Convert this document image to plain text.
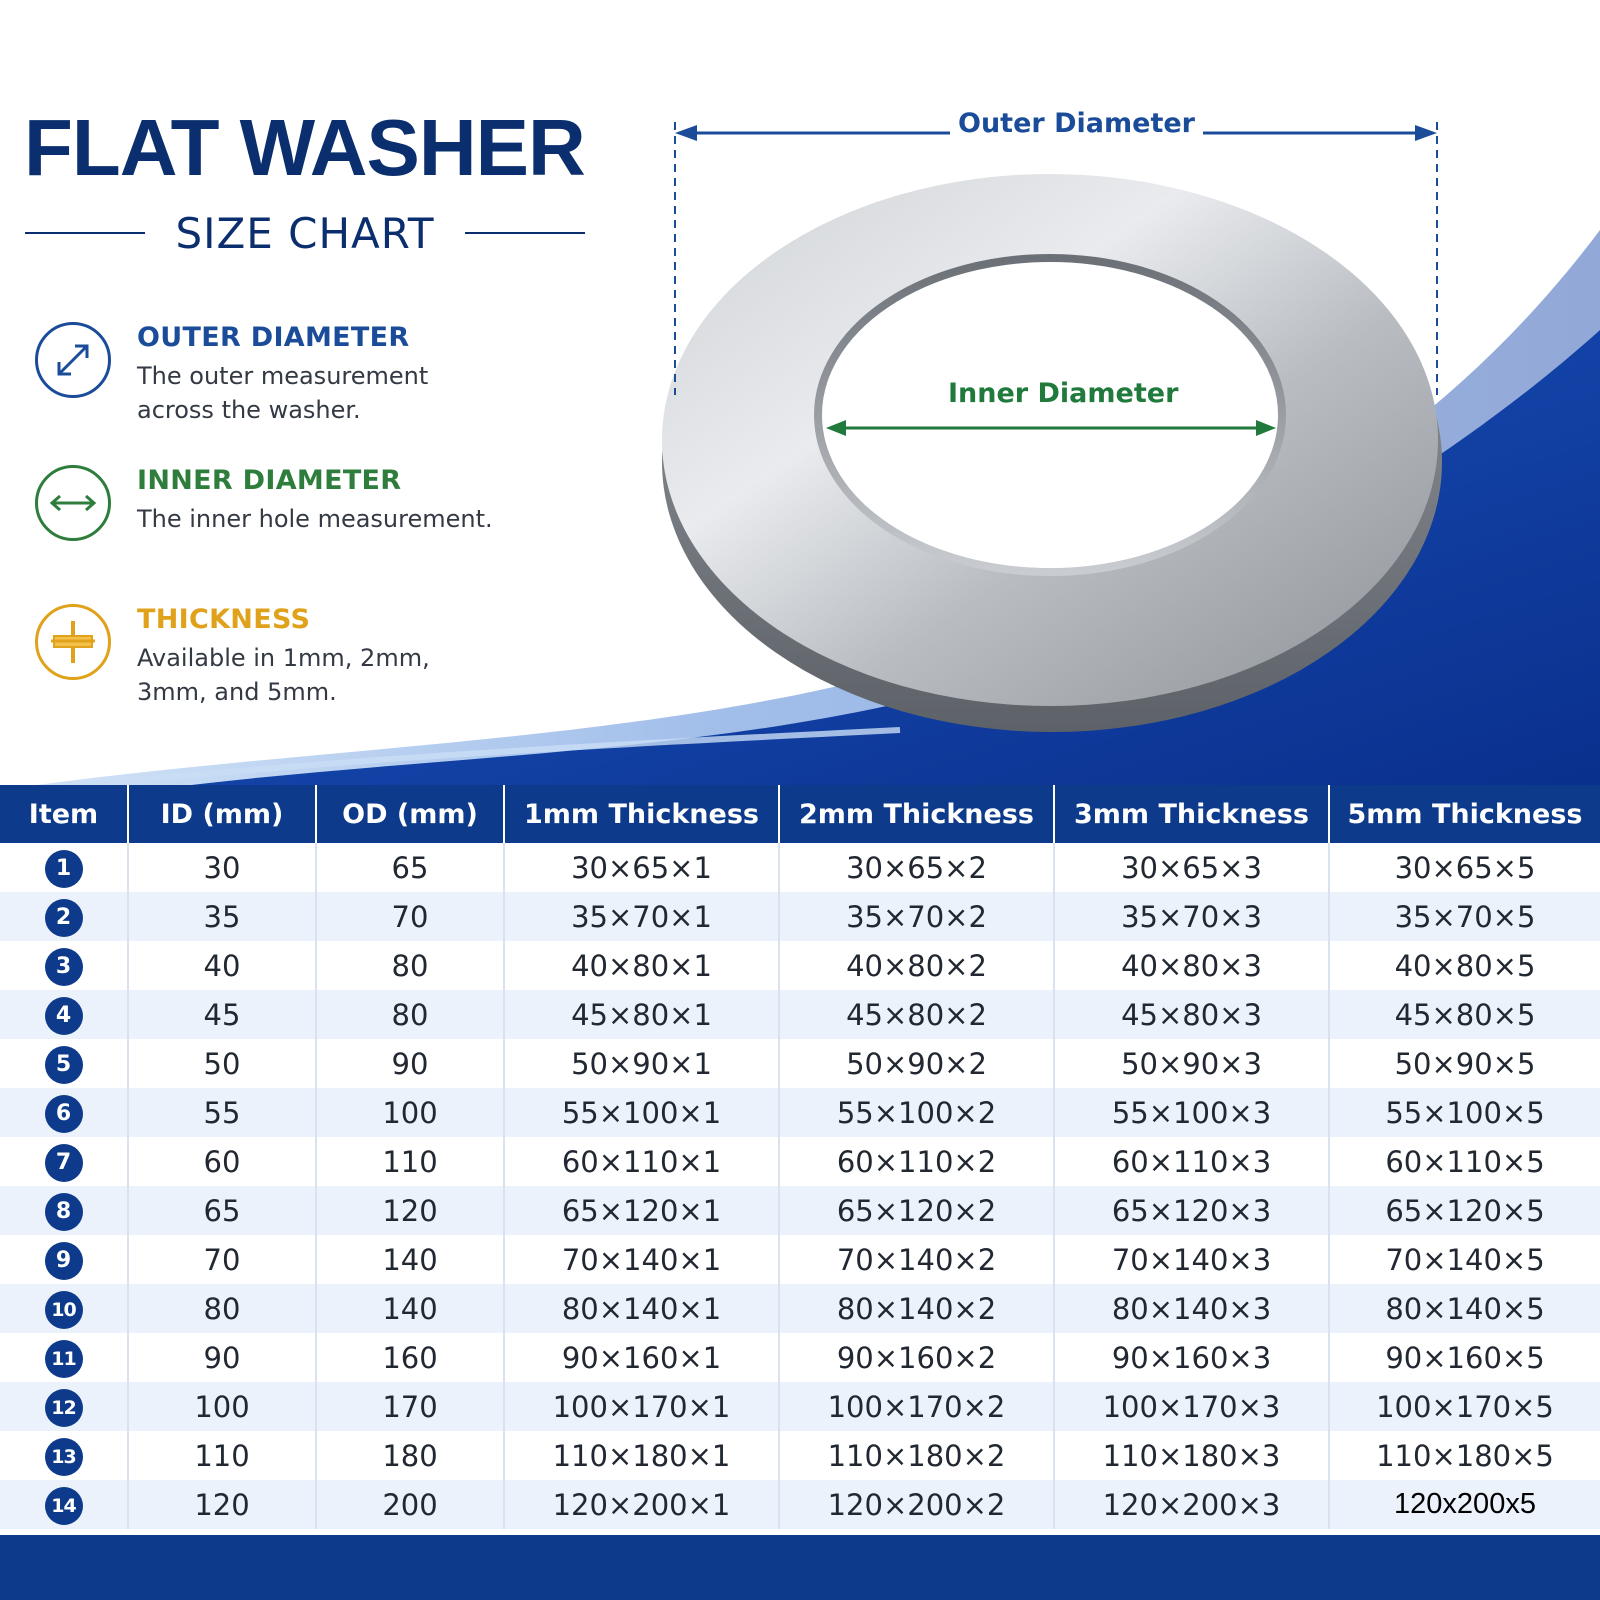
FLAT WASHER
SIZE CHART
OUTER DIAMETER
The outer measurement across the washer.
INNER DIAMETER
The inner hole measurement.
THICKNESS
Available in 1mm, 2mm, 3mm, and 5mm.
Outer Diameter
Inner Diameter
Item	ID (mm)	OD (mm)	1mm Thickness	2mm Thickness	3mm Thickness	5mm Thickness
1	30	65	30×65×1	30×65×2	30×65×3	30×65×5
2	35	70	35×70×1	35×70×2	35×70×3	35×70×5
3	40	80	40×80×1	40×80×2	40×80×3	40×80×5
4	45	80	45×80×1	45×80×2	45×80×3	45×80×5
5	50	90	50×90×1	50×90×2	50×90×3	50×90×5
6	55	100	55×100×1	55×100×2	55×100×3	55×100×5
7	60	110	60×110×1	60×110×2	60×110×3	60×110×5
8	65	120	65×120×1	65×120×2	65×120×3	65×120×5
9	70	140	70×140×1	70×140×2	70×140×3	70×140×5
10	80	140	80×140×1	80×140×2	80×140×3	80×140×5
11	90	160	90×160×1	90×160×2	90×160×3	90×160×5
12	100	170	100×170×1	100×170×2	100×170×3	100×170×5
13	110	180	110×180×1	110×180×2	110×180×3	110×180×5
14	120	200	120×200×1	120×200×2	120×200×3	120x200x5
